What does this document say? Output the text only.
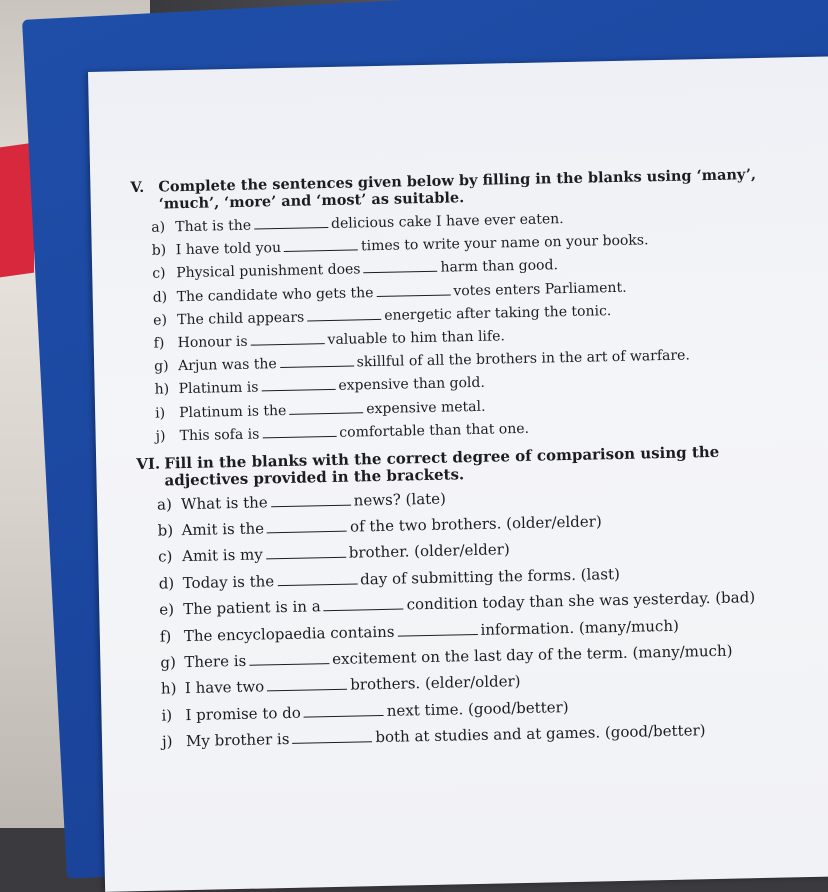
V. Complete the sentences given below by filling in the blanks using ‘many’, ‘much’, ‘more’ and ‘most’ as suitable.
a) That is the	delicious cake I have ever eaten.
b) I have told you	times to write your name on your books.
c) Physical punishment does	harm than good.
d) The candidate who gets the	votes enters Parliament.
e) The child appears	energetic after taking the tonic.
f) Honour is	valuable to him than life.
g) Arjun was the	skillful of all the brothers in the art of warfare.
h) Platinum is	expensive than gold.
i) Platinum is the	expensive metal.
j) This sofa is	comfortable than that one.
VI. Fill in the blanks with the correct degree of comparison using the adjectives provided in the brackets.
a) What is the	news? (late)
b) Amit is the	of the two brothers. (older/elder)
c) Amit is my	brother. (older/elder)
d) Today is the	day of submitting the forms. (last)
e) The patient is in a	condition today than she was yesterday. (bad)
f) The encyclopaedia contains	information. (many/much)
g) There is	excitement on the last day of the term. (many/much)
h) I have two	brothers. (elder/older)
i) I promise to do	next time. (good/better)
j) My brother is	both at studies and at games. (good/better)
